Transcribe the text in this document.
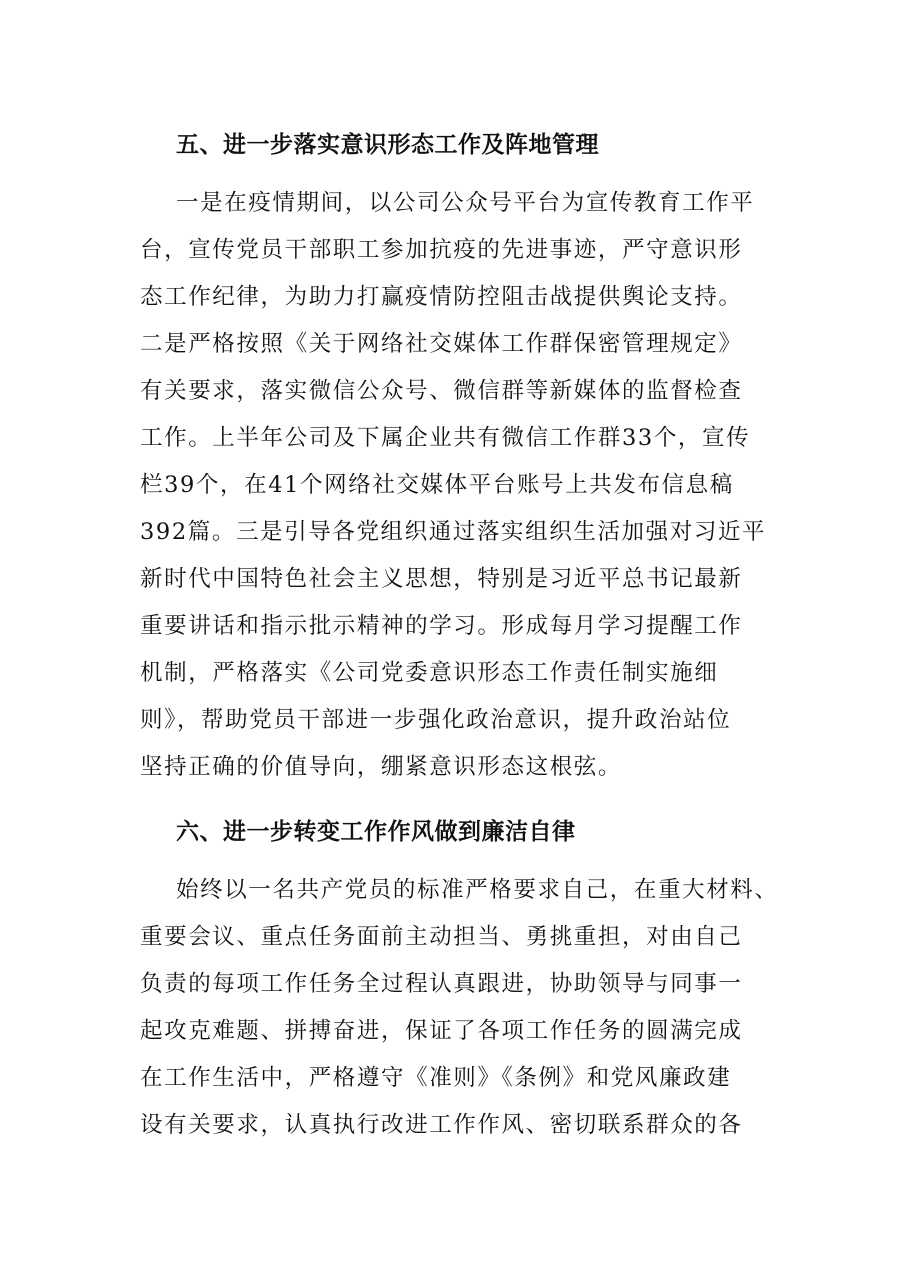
五、进一步落实意识形态工作及阵地管理
一是在疫情期间，以公司公众号平台为宣传教育工作平
台，宣传党员干部职工参加抗疫的先进事迹，严守意识形
态工作纪律，为助力打赢疫情防控阻击战提供舆论支持。
二是严格按照《关于网络社交媒体工作群保密管理规定》
有关要求，落实微信公众号、微信群等新媒体的监督检查
工作。上半年公司及下属企业共有微信工作群33个，宣传
栏39个，在41个网络社交媒体平台账号上共发布信息稿
392篇。三是引导各党组织通过落实组织生活加强对习近平
新时代中国特色社会主义思想，特别是习近平总书记最新
重要讲话和指示批示精神的学习。形成每月学习提醒工作
机制，严格落实《公司党委意识形态工作责任制实施细
则》，帮助党员干部进一步强化政治意识，提升政治站位
坚持正确的价值导向，绷紧意识形态这根弦。
六、进一步转变工作作风做到廉洁自律
始终以一名共产党员的标准严格要求自己，在重大材料、
重要会议、重点任务面前主动担当、勇挑重担，对由自己
负责的每项工作任务全过程认真跟进，协助领导与同事一
起攻克难题、拼搏奋进，保证了各项工作任务的圆满完成
在工作生活中，严格遵守《准则》《条例》和党风廉政建
设有关要求，认真执行改进工作作风、密切联系群众的各
